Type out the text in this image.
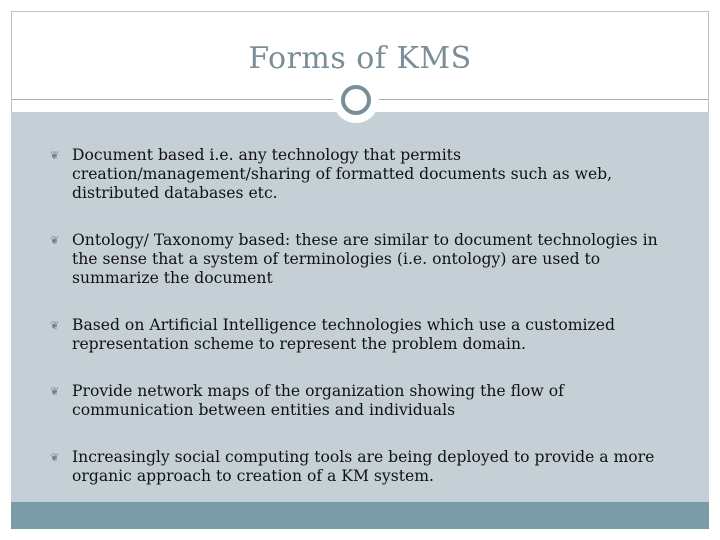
Forms of KMS
❦ Document based i.e. any technology that permits creation/management/sharing of formatted documents such as web, distributed databases etc.
❦ Ontology/ Taxonomy based: these are similar to document technologies in the sense that a system of terminologies (i.e. ontology) are used to summarize the document
❦ Based on Artificial Intelligence technologies which use a customized representation scheme to represent the problem domain.
❦ Provide network maps of the organization showing the flow of communication between entities and individuals
❦ Increasingly social computing tools are being deployed to provide a more organic approach to creation of a KM system.
